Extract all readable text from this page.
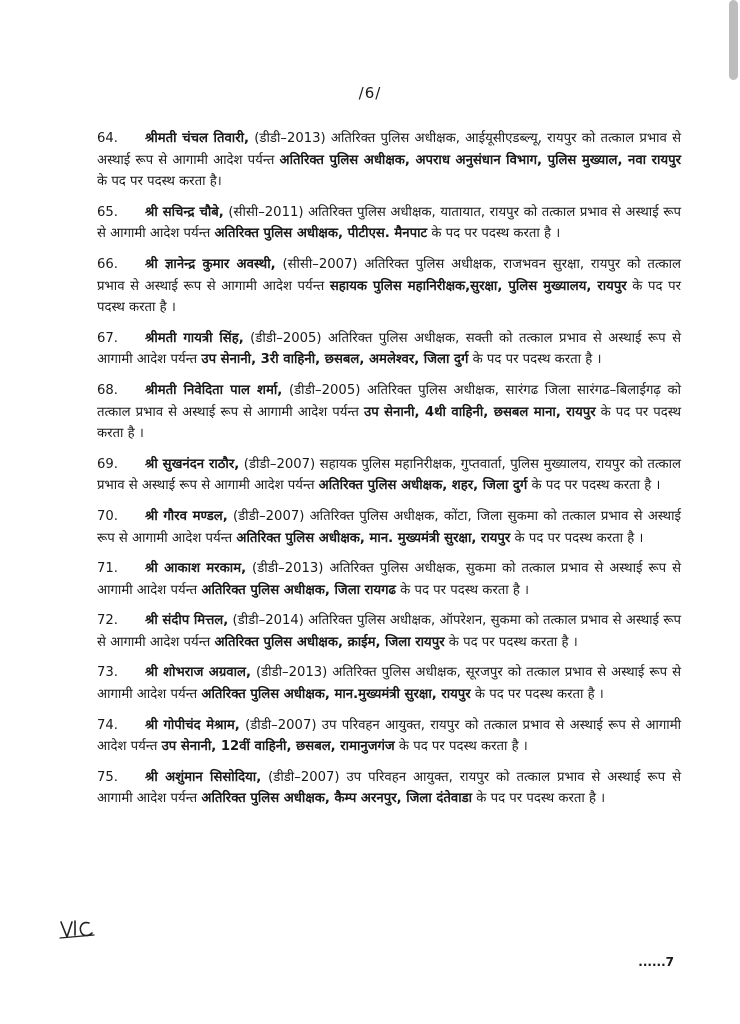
/6/

64. श्रीमती चंचल तिवारी, (डीडी–2013) अतिरिक्त पुलिस अधीक्षक, आईयूसीएडब्ल्यू, रायपुर को तत्काल प्रभाव से अस्थाई रूप से आगामी आदेश पर्यन्त अतिरिक्त पुलिस अधीक्षक, अपराध अनुसंधान विभाग, पुलिस मुख्याल, नवा रायपुर के पद पर पदस्थ करता है।

65. श्री सचिन्द्र चौबे, (सीसी–2011) अतिरिक्त पुलिस अधीक्षक, यातायात, रायपुर को तत्काल प्रभाव से अस्थाई रूप से आगामी आदेश पर्यन्त अतिरिक्त पुलिस अधीक्षक, पीटीएस. मैनपाट के पद पर पदस्थ करता है ।

66. श्री ज्ञानेन्द्र कुमार अवस्थी, (सीसी–2007) अतिरिक्त पुलिस अधीक्षक, राजभवन सुरक्षा, रायपुर को तत्काल प्रभाव से अस्थाई रूप से आगामी आदेश पर्यन्त सहायक पुलिस महानिरीक्षक,सुरक्षा, पुलिस मुख्यालय, रायपुर के पद पर पदस्थ करता है ।

67. श्रीमती गायत्री सिंह, (डीडी–2005) अतिरिक्त पुलिस अधीक्षक, सक्ती को तत्काल प्रभाव से अस्थाई रूप से आगामी आदेश पर्यन्त उप सेनानी, 3री वाहिनी, छसबल, अमलेश्वर, जिला दुर्ग के पद पर पदस्थ करता है ।

68. श्रीमती निवेदिता पाल शर्मा, (डीडी–2005) अतिरिक्त पुलिस अधीक्षक, सारंगढ जिला सारंगढ–बिलाईगढ़ को तत्काल प्रभाव से अस्थाई रूप से आगामी आदेश पर्यन्त उप सेनानी, 4थी वाहिनी, छसबल माना, रायपुर के पद पर पदस्थ करता है ।

69. श्री सुखनंदन राठौर, (डीडी–2007) सहायक पुलिस महानिरीक्षक, गुप्तवार्ता, पुलिस मुख्यालय, रायपुर को तत्काल प्रभाव से अस्थाई रूप से आगामी आदेश पर्यन्त अतिरिक्त पुलिस अधीक्षक, शहर, जिला दुर्ग के पद पर पदस्थ करता है ।

70. श्री गौरव मण्डल, (डीडी–2007) अतिरिक्त पुलिस अधीक्षक, कोंटा, जिला सुकमा को तत्काल प्रभाव से अस्थाई रूप से आगामी आदेश पर्यन्त अतिरिक्त पुलिस अधीक्षक, मान. मुख्यमंत्री सुरक्षा, रायपुर के पद पर पदस्थ करता है ।

71. श्री आकाश मरकाम, (डीडी–2013) अतिरिक्त पुलिस अधीक्षक, सुकमा को तत्काल प्रभाव से अस्थाई रूप से आगामी आदेश पर्यन्त अतिरिक्त पुलिस अधीक्षक, जिला रायगढ के पद पर पदस्थ करता है ।

72. श्री संदीप मित्तल, (डीडी–2014) अतिरिक्त पुलिस अधीक्षक, ऑपरेशन, सुकमा को तत्काल प्रभाव से अस्थाई रूप से आगामी आदेश पर्यन्त अतिरिक्त पुलिस अधीक्षक, क्राईम, जिला रायपुर के पद पर पदस्थ करता है ।

73. श्री शोभराज अग्रवाल, (डीडी–2013) अतिरिक्त पुलिस अधीक्षक, सूरजपुर को तत्काल प्रभाव से अस्थाई रूप से आगामी आदेश पर्यन्त अतिरिक्त पुलिस अधीक्षक, मान.मुख्यमंत्री सुरक्षा, रायपुर के पद पर पदस्थ करता है ।

74. श्री गोपीचंद मेश्राम, (डीडी–2007) उप परिवहन आयुक्त, रायपुर को तत्काल प्रभाव से अस्थाई रूप से आगामी आदेश पर्यन्त उप सेनानी, 12वीं वाहिनी, छसबल, रामानुजगंज के पद पर पदस्थ करता है ।

75. श्री अशुंमान सिसोदिया, (डीडी–2007) उप परिवहन आयुक्त, रायपुर को तत्काल प्रभाव से अस्थाई रूप से आगामी आदेश पर्यन्त अतिरिक्त पुलिस अधीक्षक, कैम्प अरनपुर, जिला दंतेवाडा के पद पर पदस्थ करता है ।

......7
